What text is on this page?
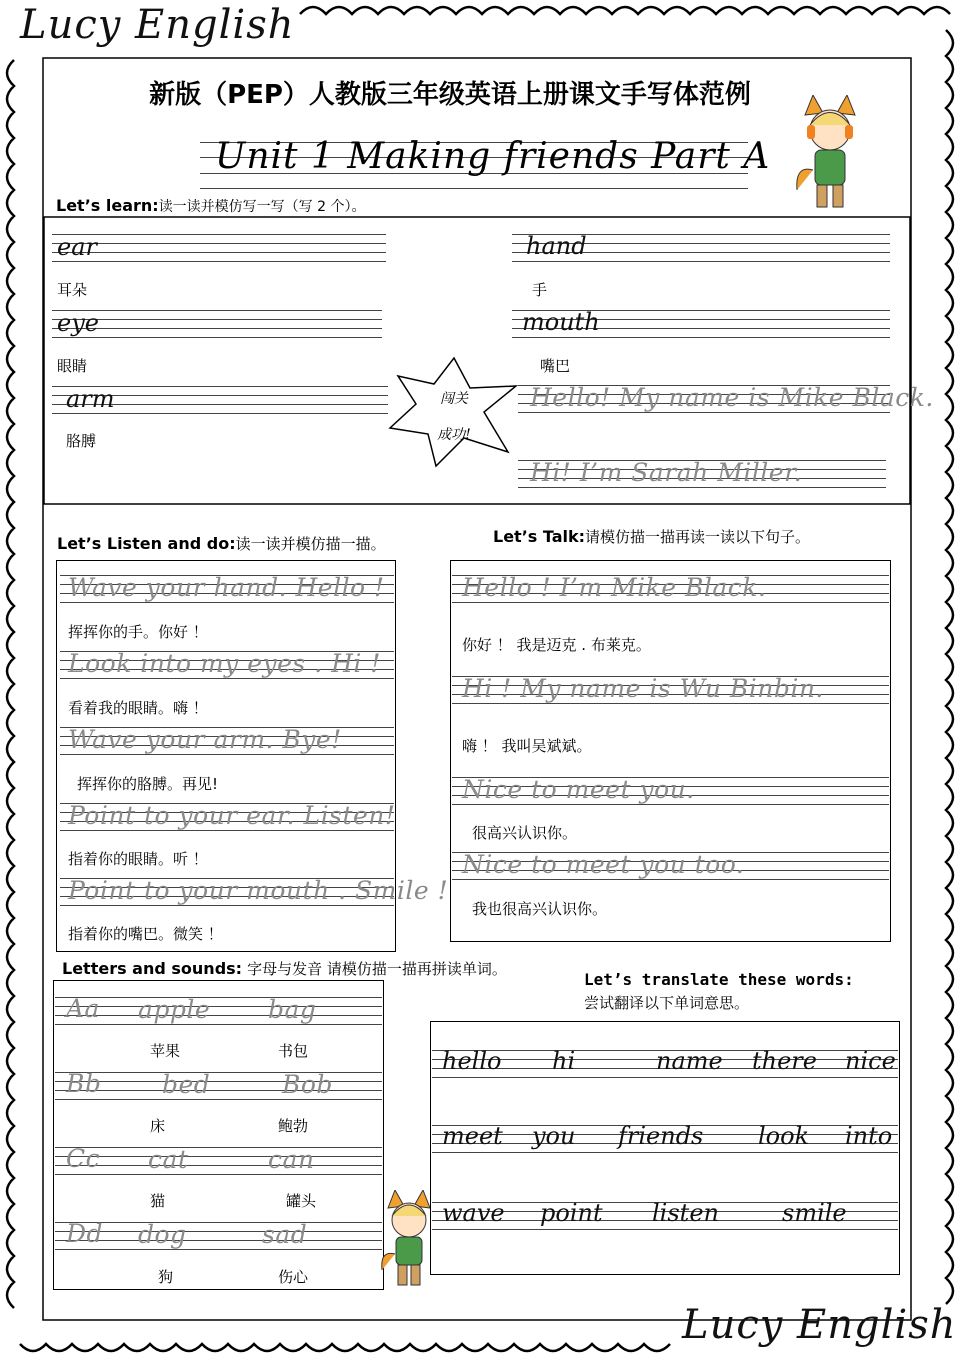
Lucy English
Lucy English
新版（PEP）人教版三年级英语上册课文手写体范例
Unit 1 Making friends Part A
Let’s learn:读一读并模仿写一写（写 2 个）。
ear
耳朵
eye
眼睛
arm
胳膊
hand
手
mouth
嘴巴
Hello! My name is Mike Black.
Hi! I’m Sarah Miller.
闯关
成功!
Let’s Listen and do:读一读并模仿描一描。
Wave your hand. Hello !
挥挥你的手。你好 ！
Look into my eyes . Hi !
看着我的眼睛。嗨 ！
Wave your arm. Bye!
挥挥你的胳膊。再见!
Point to your ear. Listen!
指着你的眼睛。听 ！
Point to your mouth . Smile !
指着你的嘴巴。微笑 ！
Let’s Talk:请模仿描一描再读一读以下句子。
Hello ! I’m Mike Black.
你好 ！ 我是迈克 . 布莱克。
Hi ! My name is Wu Binbin.
嗨 ！ 我叫吴斌斌。
Nice to meet you.
很高兴认识你。
Nice to meet you too.
我也很高兴认识你。
Letters and sounds: 字母与发音 请模仿描一描再拼读单词。
Aa apple bag
苹果	书包
Bb bed	Bob
床	鲍勃
Cc cat	can
猫	罐头
Dd dog	sad
狗	伤心
Let’s translate these words:
尝试翻译以下单词意思。
hello hi	name there nice
meet you friends look into
wave point listen	smile
